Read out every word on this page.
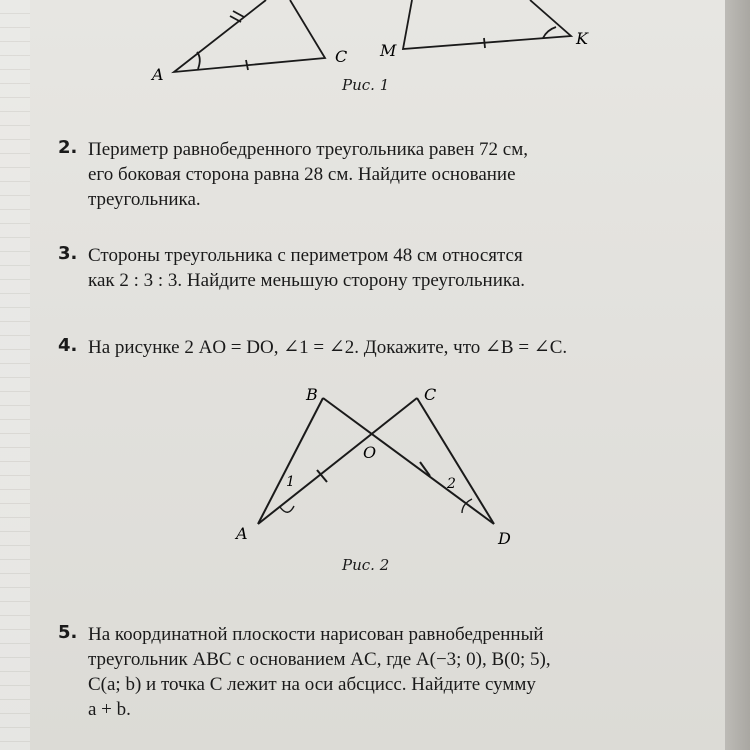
A
C M
K
Рис. 1
2. Периметр равнобедренного треугольника равен 72 см,

его боковая сторона равна 28 см. Найдите основание

треугольника.

3. Стороны треугольника с периметром 48 см относятся

как 2 : 3 : 3. Найдите меньшую сторону треугольника.

4. На рисунке 2 AO = DO, ∠1 = ∠2. Докажите, что ∠B = ∠C.

B	C
O
A	D
1	2
Рис. 2
5. На координатной плоскости нарисован равнобедренный

треугольник ABC с основанием AC, где A(−3; 0), B(0; 5),

C(a; b) и точка C лежит на оси абсцисс. Найдите сумму

a + b.
